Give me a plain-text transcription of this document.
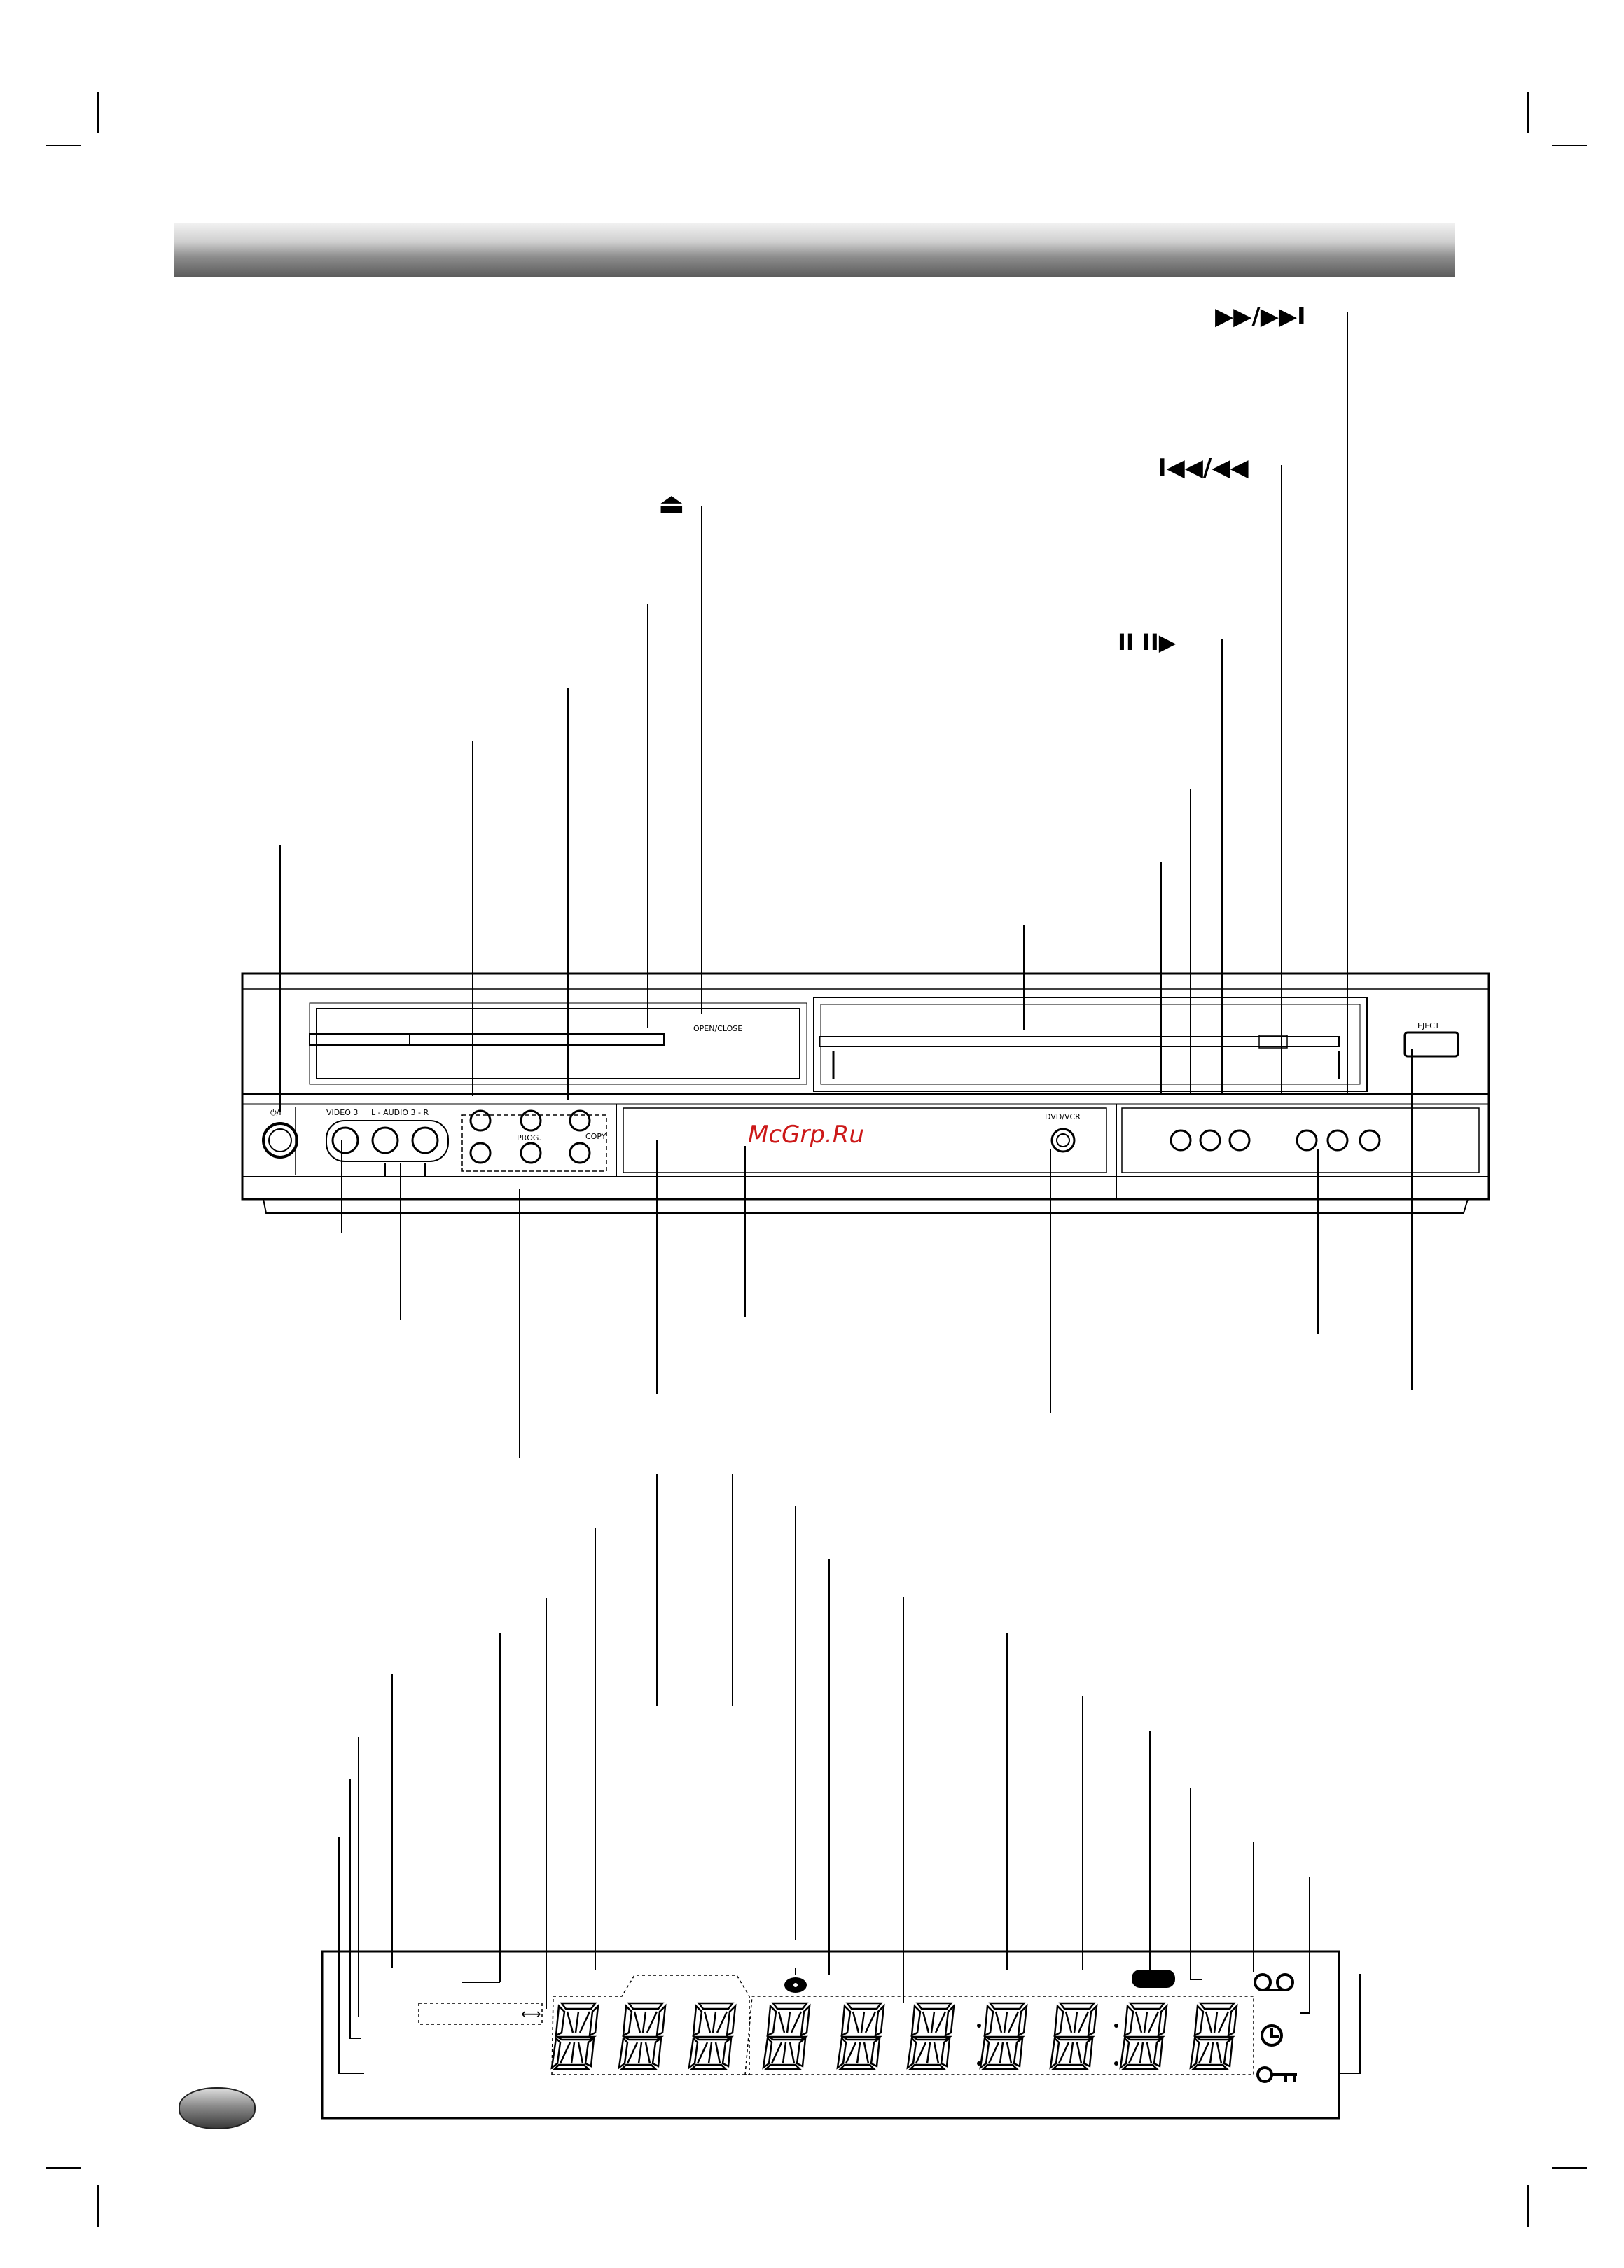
▶▶/▶▶I
I◀◀/◀◀
II II▶
⏏
OPEN/CLOSE	EJECT
⏻/I	VIDEO 3 L - AUDIO 3 - R
COPY
PROG.
DVD/VCR
McGrp.Ru
⟷
